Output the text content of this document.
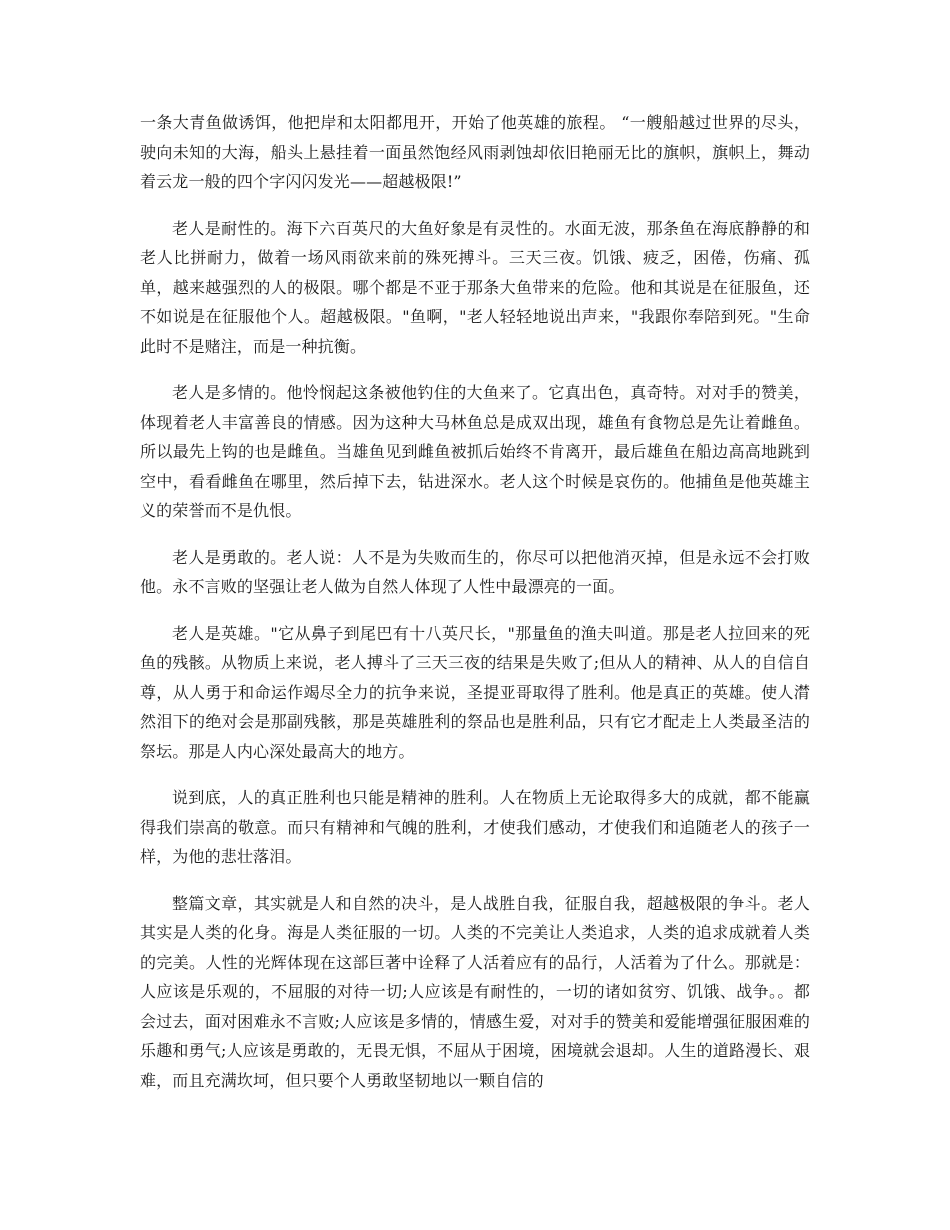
一条大青鱼做诱饵，他把岸和太阳都甩开，开始了他英雄的旅程。 “一艘船越过世界的尽头，驶向未知的大海，船头上悬挂着一面虽然饱经风雨剥蚀却依旧艳丽无比的旗帜，旗帜上，舞动着云龙一般的四个字闪闪发光——超越极限!”

老人是耐性的。海下六百英尺的大鱼好象是有灵性的。水面无波，那条鱼在海底静静的和老人比拼耐力，做着一场风雨欲来前的殊死搏斗。三天三夜。饥饿、疲乏，困倦，伤痛、孤单，越来越强烈的人的极限。哪个都是不亚于那条大鱼带来的危险。他和其说是在征服鱼，还不如说是在征服他个人。超越极限。"鱼啊，"老人轻轻地说出声来，"我跟你奉陪到死。"生命此时不是赌注，而是一种抗衡。

老人是多情的。他怜悯起这条被他钓住的大鱼来了。它真出色，真奇特。对对手的赞美，体现着老人丰富善良的情感。因为这种大马林鱼总是成双出现，雄鱼有食物总是先让着雌鱼。所以最先上钩的也是雌鱼。当雄鱼见到雌鱼被抓后始终不肯离开，最后雄鱼在船边高高地跳到空中，看看雌鱼在哪里，然后掉下去，钻进深水。老人这个时候是哀伤的。他捕鱼是他英雄主义的荣誉而不是仇恨。

老人是勇敢的。老人说：人不是为失败而生的，你尽可以把他消灭掉，但是永远不会打败他。永不言败的坚强让老人做为自然人体现了人性中最漂亮的一面。

老人是英雄。"它从鼻子到尾巴有十八英尺长，"那量鱼的渔夫叫道。那是老人拉回来的死鱼的残骸。从物质上来说，老人搏斗了三天三夜的结果是失败了;但从人的精神、从人的自信自尊，从人勇于和命运作竭尽全力的抗争来说，圣提亚哥取得了胜利。他是真正的英雄。使人潸然泪下的绝对会是那副残骸，那是英雄胜利的祭品也是胜利品，只有它才配走上人类最圣洁的祭坛。那是人内心深处最高大的地方。

说到底，人的真正胜利也只能是精神的胜利。人在物质上无论取得多大的成就，都不能赢得我们崇高的敬意。而只有精神和气魄的胜利，才使我们感动，才使我们和追随老人的孩子一样，为他的悲壮落泪。

整篇文章，其实就是人和自然的决斗，是人战胜自我，征服自我，超越极限的争斗。老人其实是人类的化身。海是人类征服的一切。人类的不完美让人类追求，人类的追求成就着人类的完美。人性的光辉体现在这部巨著中诠释了人活着应有的品行，人活着为了什么。那就是：人应该是乐观的，不屈服的对待一切;人应该是有耐性的，一切的诸如贫穷、饥饿、战争。。都会过去，面对困难永不言败;人应该是多情的，情感生爱，对对手的赞美和爱能增强征服困难的乐趣和勇气;人应该是勇敢的，无畏无惧，不屈从于困境，困境就会退却。人生的道路漫长、艰难，而且充满坎坷，但只要个人勇敢坚韧地以一颗自信的
